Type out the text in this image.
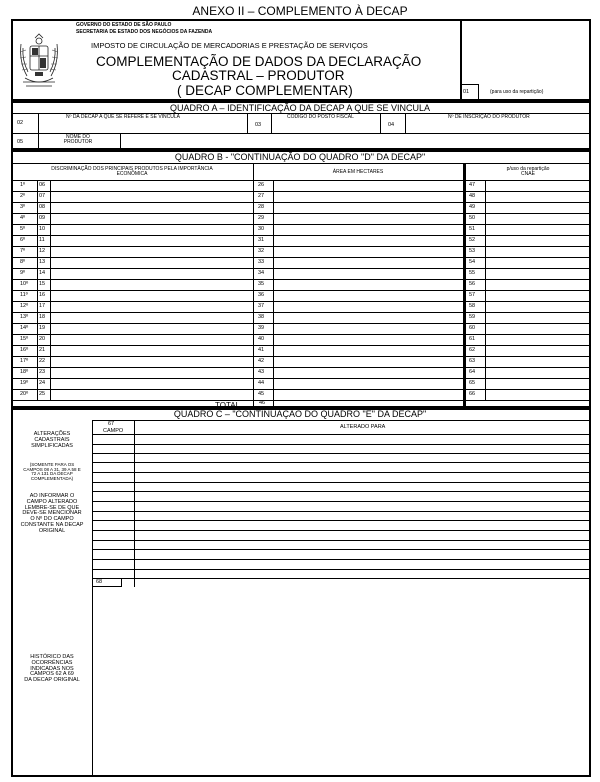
ANEXO II – COMPLEMENTO À DECAP
GOVERNO DO ESTADO DE SÃO PAULO
SECRETARIA DE ESTADO DOS NEGÓCIOS DA FAZENDA
IMPOSTO DE CIRCULAÇÃO DE MERCADORIAS E PRESTAÇÃO DE SERVIÇOS
COMPLEMENTAÇÃO DE DADOS DA DECLARAÇÃO
CADASTRAL – PRODUTOR
( DECAP COMPLEMENTAR)	01	(para uso da repartição)
QUADRO A – IDENTIFICAÇÃO DA DECAP A QUE SE VINCULA
02
Nº DA DECAP A QUE SE REFERE E SE VINCULA
03
CÓDIGO DO POSTO FISCAL
04
Nº DE INSCRIÇÃO DO PRODUTOR
05
NOME DO
PRODUTOR
QUADRO B - "CONTINUAÇÃO DO QUADRO "D" DA DECAP"
DISCRIMINAÇÃO DOS PRINCIPAIS PRODUTOS PELA IMPORTÂNCIA
ECONÔMICA	ÁREA EM HECTARES	p/uso da repartição
CNAE
1º	06	26	47
2º	07	27	48
3º	08	28	49
4º	09	29	50
5º	10	30	51
6º	11	31	52
7º	12	32	53
8º	13	33	54
9º	14	34	55
10º 15	35	56
11º 16	36	57
12º 17	37	58
13º 18	38	59
14º 19	39	60
15º 20	40	61
16º 21	41	62
17º 22	42	63
18º 23	43	64
19º 24	44	65
20º 25	45	66
TOTAL	46
QUADRO C – "CONTINUAÇÃO DO QUADRO "E" DA DECAP"
67
CAMPO
ALTERADO PARA
ALTERAÇÕES
CADASTRAIS
SIMPLIFICADAS
(SOMENTE PARA OS
CAMPOS 08 A 31, 39 A 58 E
72 A 131 DA DECAP
COMPLEMENTADA)
AO INFORMAR O
CAMPO ALTERADO
LEMBRE-SE DE QUE
DEVE-SE MENCIONAR
O Nº DO CAMPO
CONSTANTE NA DECAP
ORIGINAL
68
HISTÓRICO DAS
OCORRÊNCIAS
INDICADAS NOS
CAMPOS 62 A 69
DA DECAP ORIGINAL
